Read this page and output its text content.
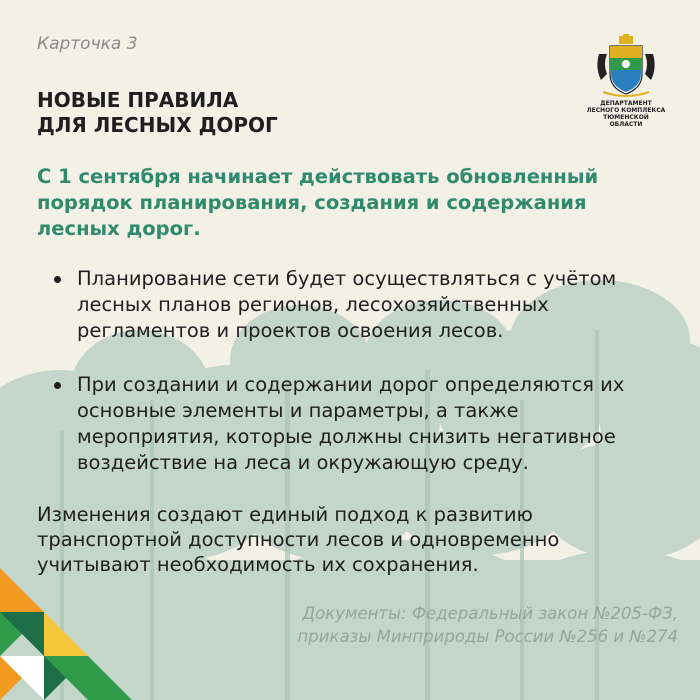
Карточка 3
НОВЫЕ ПРАВИЛА
ДЛЯ ЛЕСНЫХ ДОРОГ
ДЕПАРТАМЕНТ
ЛЕСНОГО КОМПЛЕКСА
ТЮМЕНСКОЙ ОБЛАСТИ
С 1 сентября начинает действовать обновленный порядок планирования, создания и содержания лесных дорог.
Планирование сети будет осуществляться с учётом лесных планов регионов, лесохозяйственных регламентов и проектов освоения лесов.
При создании и содержании дорог определяются их основные элементы и параметры, а также мероприятия, которые должны снизить негативное воздействие на леса и окружающую среду.
Изменения создают единый подход к развитию транспортной доступности лесов и одновременно учитывают необходимость их сохранения.
Документы: Федеральный закон №205-ФЗ,
приказы Минприроды России №256 и №274
